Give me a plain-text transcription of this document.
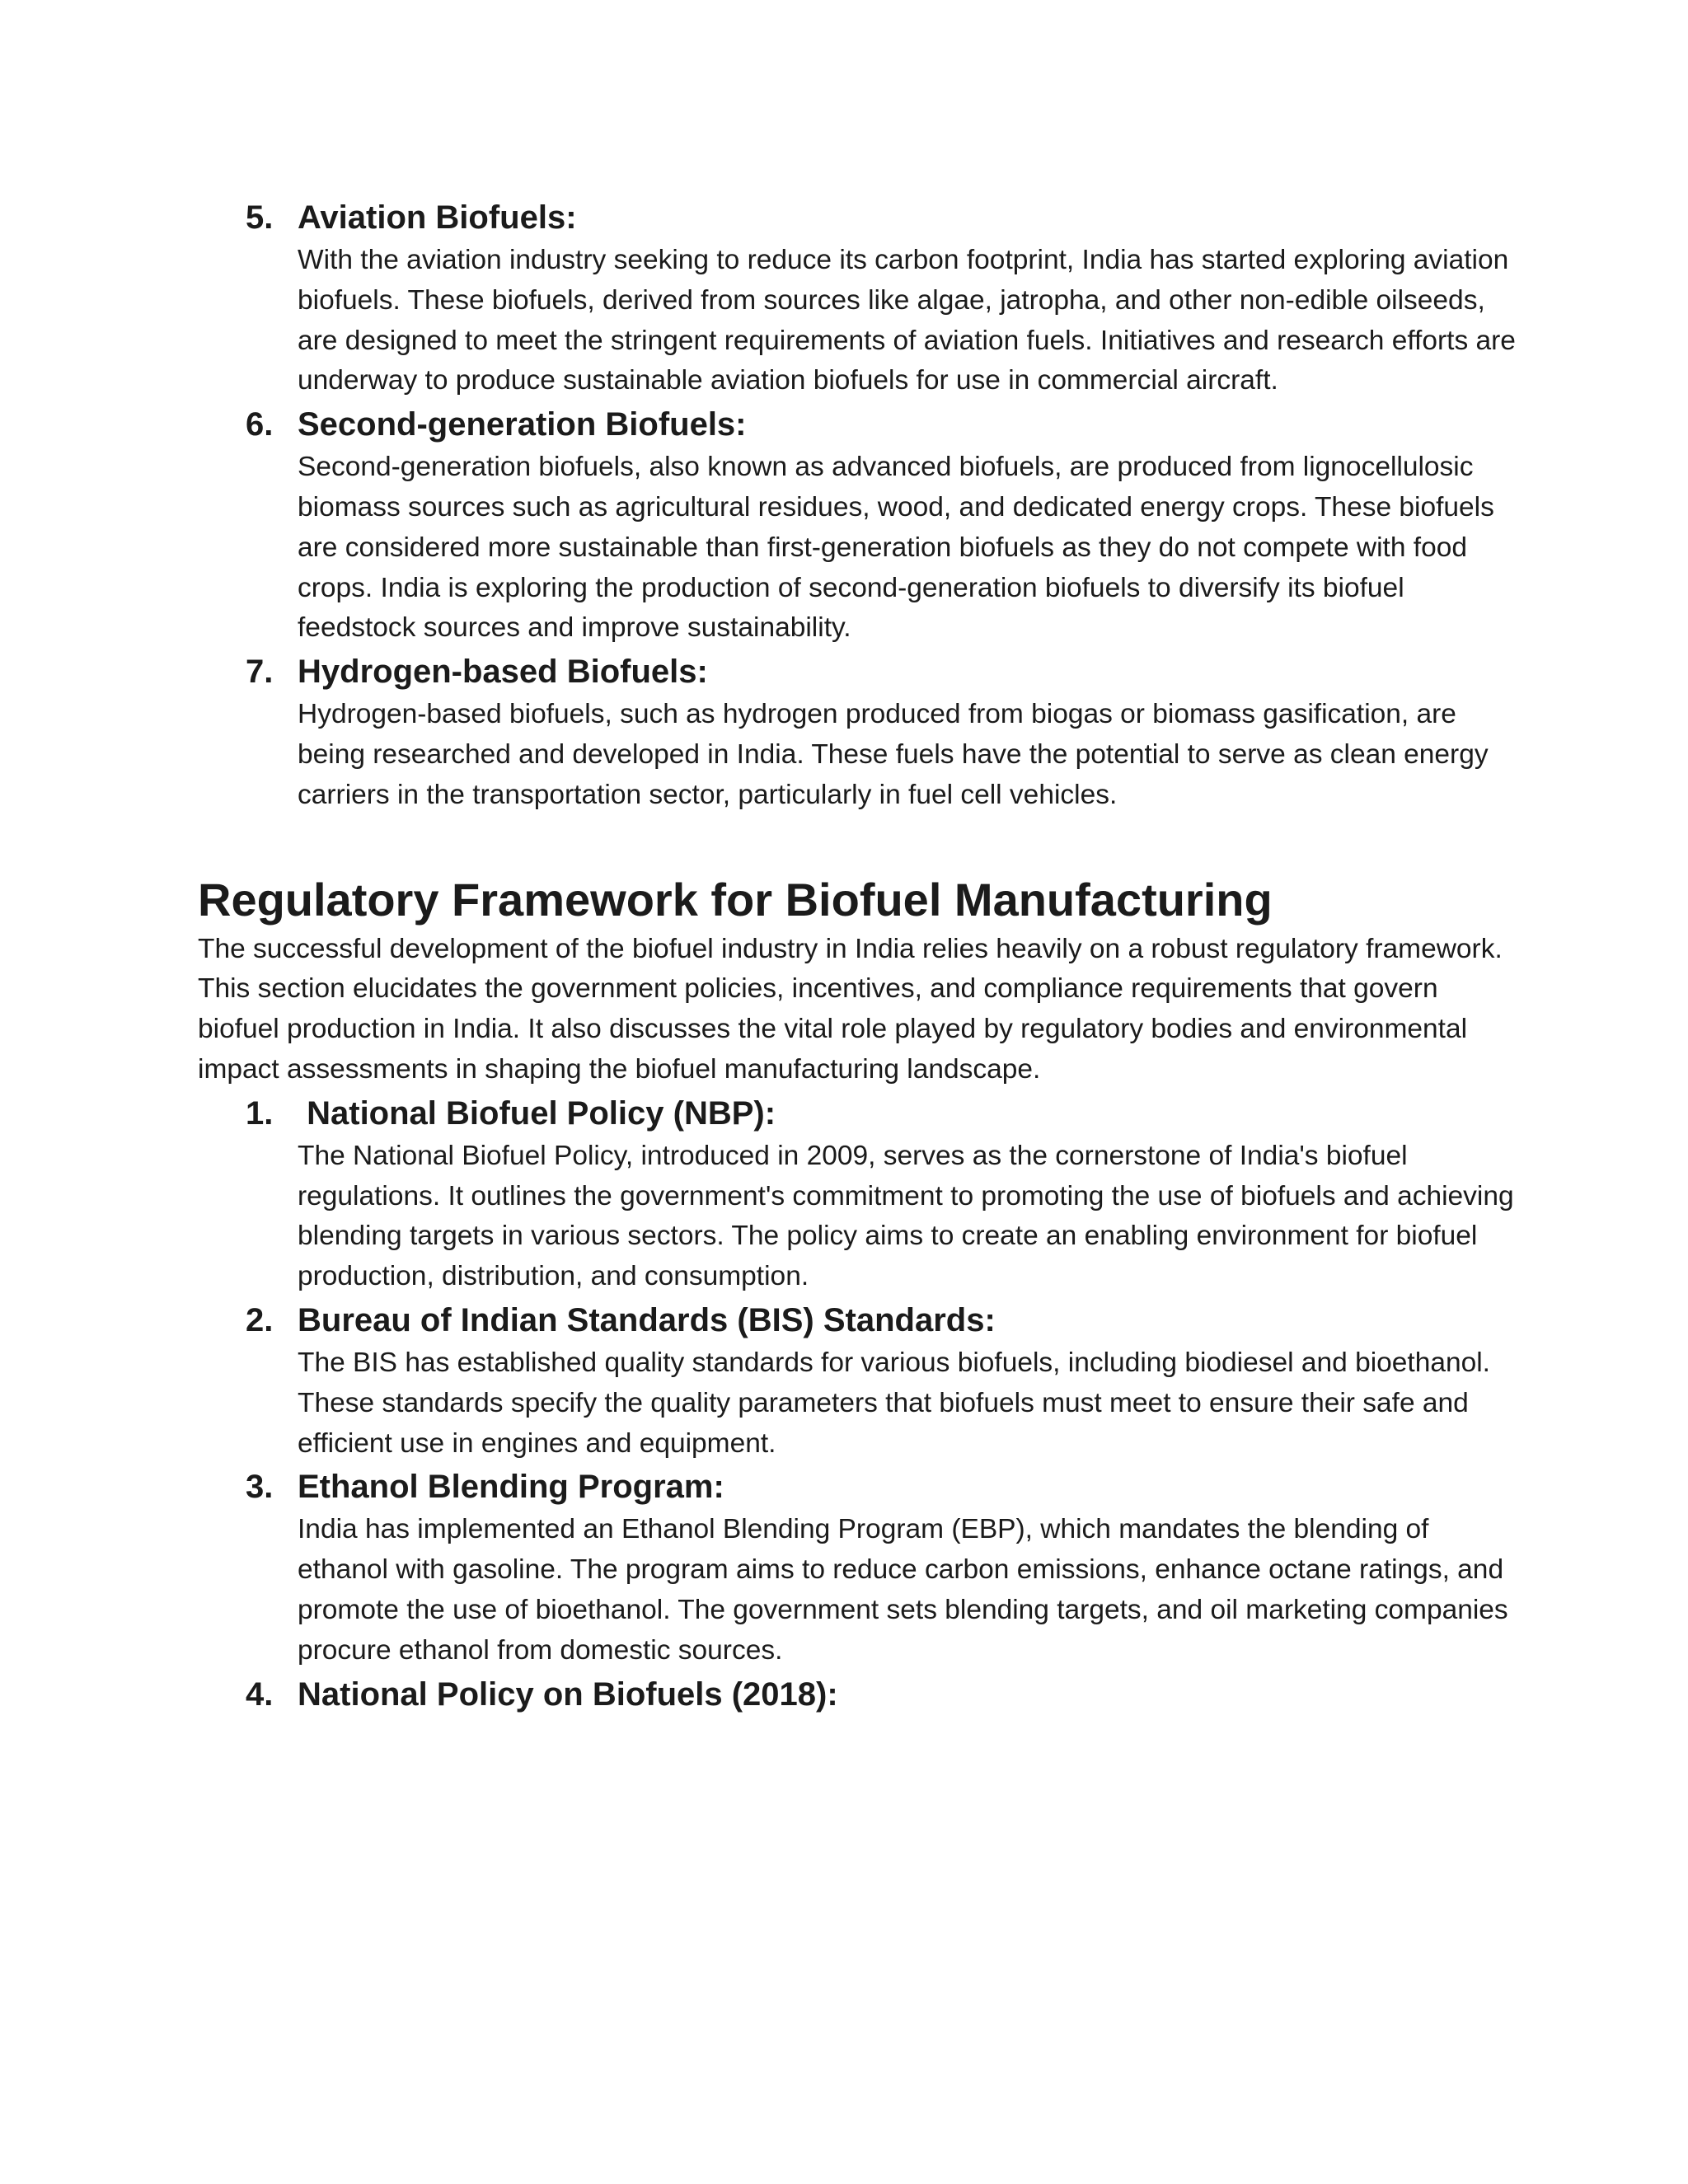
5. Aviation Biofuels:

With the aviation industry seeking to reduce its carbon footprint, India has started exploring aviation biofuels. These biofuels, derived from sources like algae, jatropha, and other non-edible oilseeds, are designed to meet the stringent requirements of aviation fuels. Initiatives and research efforts are underway to produce sustainable aviation biofuels for use in commercial aircraft.

6. Second-generation Biofuels:

Second-generation biofuels, also known as advanced biofuels, are produced from lignocellulosic biomass sources such as agricultural residues, wood, and dedicated energy crops. These biofuels are considered more sustainable than first-generation biofuels as they do not compete with food crops. India is exploring the production of second-generation biofuels to diversify its biofuel feedstock sources and improve sustainability.

7. Hydrogen-based Biofuels:

Hydrogen-based biofuels, such as hydrogen produced from biogas or biomass gasification, are being researched and developed in India. These fuels have the potential to serve as clean energy carriers in the transportation sector, particularly in fuel cell vehicles.

Regulatory Framework for Biofuel Manufacturing

The successful development of the biofuel industry in India relies heavily on a robust regulatory framework. This section elucidates the government policies, incentives, and compliance requirements that govern biofuel production in India. It also discusses the vital role played by regulatory bodies and environmental impact assessments in shaping the biofuel manufacturing landscape.

1. National Biofuel Policy (NBP):

The National Biofuel Policy, introduced in 2009, serves as the cornerstone of India's biofuel regulations. It outlines the government's commitment to promoting the use of biofuels and achieving blending targets in various sectors. The policy aims to create an enabling environment for biofuel production, distribution, and consumption.

2. Bureau of Indian Standards (BIS) Standards:

The BIS has established quality standards for various biofuels, including biodiesel and bioethanol. These standards specify the quality parameters that biofuels must meet to ensure their safe and efficient use in engines and equipment.

3. Ethanol Blending Program:

India has implemented an Ethanol Blending Program (EBP), which mandates the blending of ethanol with gasoline. The program aims to reduce carbon emissions, enhance octane ratings, and promote the use of bioethanol. The government sets blending targets, and oil marketing companies procure ethanol from domestic sources.

4. National Policy on Biofuels (2018):
